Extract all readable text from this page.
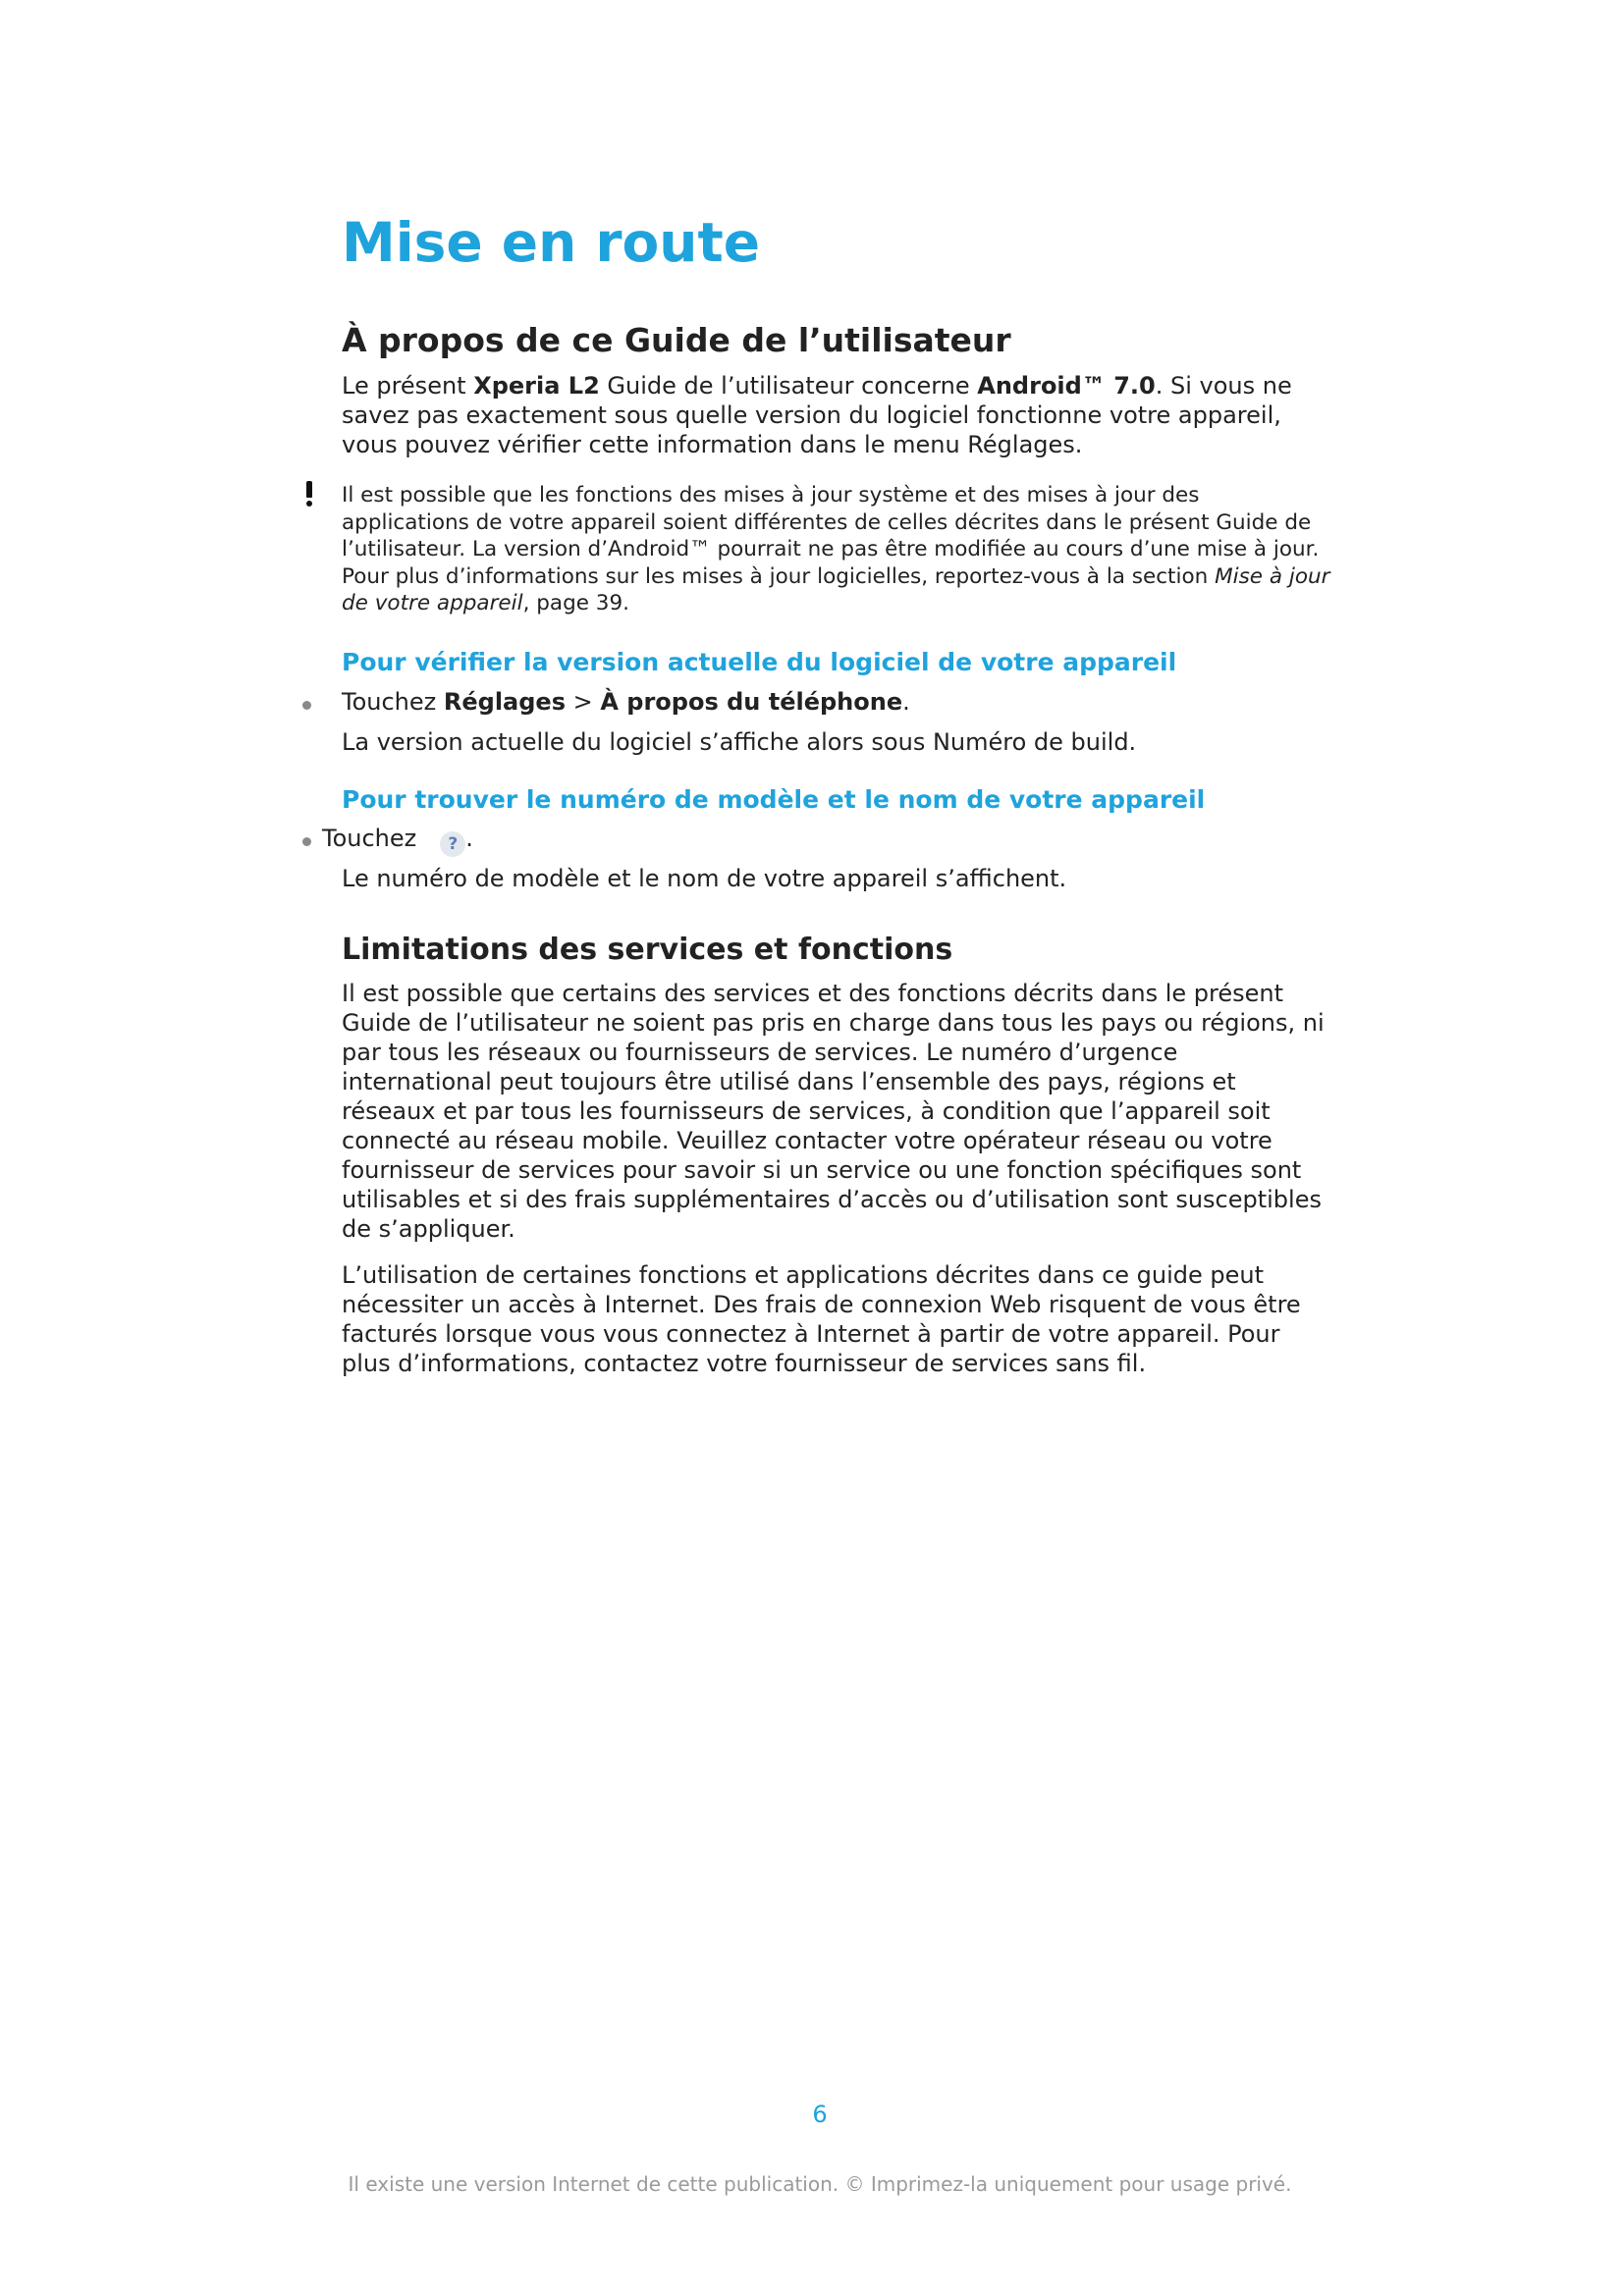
Mise en route
À propos de ce Guide de l’utilisateur

Le présent Xperia L2 Guide de l’utilisateur concerne Android™ 7.0. Si vous ne savez pas exactement sous quelle version du logiciel fonctionne votre appareil, vous pouvez vérifier cette information dans le menu Réglages.

Il est possible que les fonctions des mises à jour système et des mises à jour des applications de votre appareil soient différentes de celles décrites dans le présent Guide de l’utilisateur. La version d’Android™ pourrait ne pas être modifiée au cours d’une mise à jour. Pour plus d’informations sur les mises à jour logicielles, reportez-vous à la section Mise à jour de votre appareil, page 39.

Pour vérifier la version actuelle du logiciel de votre appareil

Touchez Réglages > À propos du téléphone.

La version actuelle du logiciel s’affiche alors sous Numéro de build.

Pour trouver le numéro de modèle et le nom de votre appareil

Touchez ? .

Le numéro de modèle et le nom de votre appareil s’affichent.

Limitations des services et fonctions

Il est possible que certains des services et des fonctions décrits dans le présent Guide de l’utilisateur ne soient pas pris en charge dans tous les pays ou régions, ni par tous les réseaux ou fournisseurs de services. Le numéro d’urgence international peut toujours être utilisé dans l’ensemble des pays, régions et réseaux et par tous les fournisseurs de services, à condition que l’appareil soit connecté au réseau mobile. Veuillez contacter votre opérateur réseau ou votre fournisseur de services pour savoir si un service ou une fonction spécifiques sont utilisables et si des frais supplémentaires d’accès ou d’utilisation sont susceptibles de s’appliquer.

L’utilisation de certaines fonctions et applications décrites dans ce guide peut nécessiter un accès à Internet. Des frais de connexion Web risquent de vous être facturés lorsque vous vous connectez à Internet à partir de votre appareil. Pour plus d’informations, contactez votre fournisseur de services sans fil.

6
Il existe une version Internet de cette publication. © Imprimez-la uniquement pour usage privé.
